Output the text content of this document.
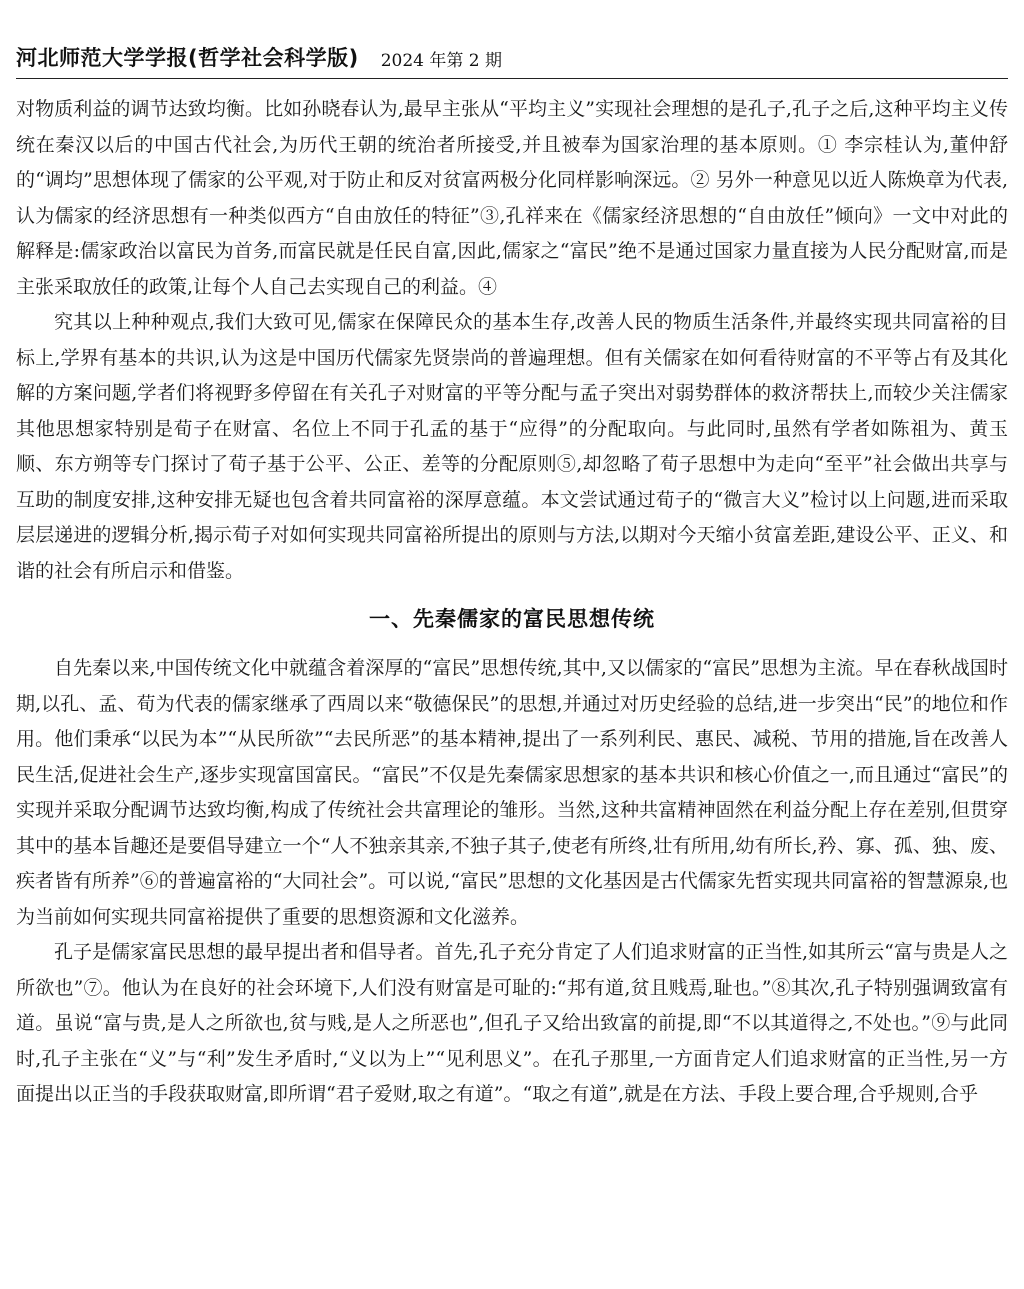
河北师范大学学报(哲学社会科学版) 2024 年第 2 期

对物质利益的调节达致均衡。比如孙晓春认为,最早主张从“平均主义”实现社会理想的是孔子,孔子之后,这种平均主义传统在秦汉以后的中国古代社会,为历代王朝的统治者所接受,并且被奉为国家治理的基本原则。① 李宗桂认为,董仲舒的“调均”思想体现了儒家的公平观,对于防止和反对贫富两极分化同样影响深远。② 另外一种意见以近人陈焕章为代表,认为儒家的经济思想有一种类似西方“自由放任的特征”③,孔祥来在《儒家经济思想的“自由放任”倾向》一文中对此的解释是:儒家政治以富民为首务,而富民就是任民自富,因此,儒家之“富民”绝不是通过国家力量直接为人民分配财富,而是主张采取放任的政策,让每个人自己去实现自己的利益。④

究其以上种种观点,我们大致可见,儒家在保障民众的基本生存,改善人民的物质生活条件,并最终实现共同富裕的目标上,学界有基本的共识,认为这是中国历代儒家先贤崇尚的普遍理想。但有关儒家在如何看待财富的不平等占有及其化解的方案问题,学者们将视野多停留在有关孔子对财富的平等分配与孟子突出对弱势群体的救济帮扶上,而较少关注儒家其他思想家特别是荀子在财富、名位上不同于孔孟的基于“应得”的分配取向。与此同时,虽然有学者如陈祖为、黄玉顺、东方朔等专门探讨了荀子基于公平、公正、差等的分配原则⑤,却忽略了荀子思想中为走向“至平”社会做出共享与互助的制度安排,这种安排无疑也包含着共同富裕的深厚意蕴。本文尝试通过荀子的“微言大义”检讨以上问题,进而采取层层递进的逻辑分析,揭示荀子对如何实现共同富裕所提出的原则与方法,以期对今天缩小贫富差距,建设公平、正义、和谐的社会有所启示和借鉴。

一、先秦儒家的富民思想传统

自先秦以来,中国传统文化中就蕴含着深厚的“富民”思想传统,其中,又以儒家的“富民”思想为主流。早在春秋战国时期,以孔、孟、荀为代表的儒家继承了西周以来“敬德保民”的思想,并通过对历史经验的总结,进一步突出“民”的地位和作用。他们秉承“以民为本”“从民所欲”“去民所恶”的基本精神,提出了一系列利民、惠民、减税、节用的措施,旨在改善人民生活,促进社会生产,逐步实现富国富民。“富民”不仅是先秦儒家思想家的基本共识和核心价值之一,而且通过“富民”的实现并采取分配调节达致均衡,构成了传统社会共富理论的雏形。当然,这种共富精神固然在利益分配上存在差别,但贯穿其中的基本旨趣还是要倡导建立一个“人不独亲其亲,不独子其子,使老有所终,壮有所用,幼有所长,矜、寡、孤、独、废、疾者皆有所养”⑥的普遍富裕的“大同社会”。可以说,“富民”思想的文化基因是古代儒家先哲实现共同富裕的智慧源泉,也为当前如何实现共同富裕提供了重要的思想资源和文化滋养。

孔子是儒家富民思想的最早提出者和倡导者。首先,孔子充分肯定了人们追求财富的正当性,如其所云“富与贵是人之所欲也”⑦。他认为在良好的社会环境下,人们没有财富是可耻的:“邦有道,贫且贱焉,耻也。”⑧其次,孔子特别强调致富有道。虽说“富与贵,是人之所欲也,贫与贱,是人之所恶也”,但孔子又给出致富的前提,即“不以其道得之,不处也。”⑨与此同时,孔子主张在“义”与“利”发生矛盾时,“义以为上”“见利思义”。在孔子那里,一方面肯定人们追求财富的正当性,另一方面提出以正当的手段获取财富,即所谓“君子爱财,取之有道”。“取之有道”,就是在方法、手段上要合理,合乎规则,合乎
